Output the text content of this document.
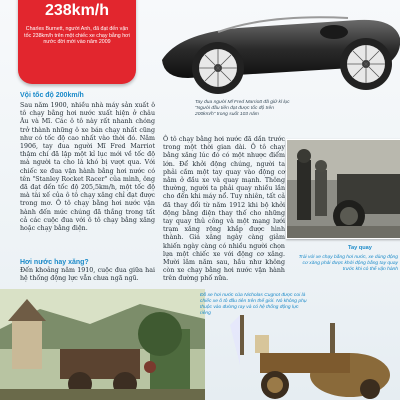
238km/h
Charles Burnett, người Anh, đã đạt đến vận tốc 238km/h trên một chiếc xe chạy bằng hơi nước đời mới vào năm 2009
Tay đua người Mĩ Fred Marriott đã giữ kỉ lục “Người đầu tiên đạt được tốc độ trên 200km/h” trong suốt 103 năm
Vội tốc độ 200km/h
Sau năm 1900, nhiều nhà máy sản xuất ô tô chạy bằng hơi nước xuất hiện ở châu Âu và Mĩ. Các ô tô này rất nhanh chóng trở thành những ô xe bán chạy nhất cũng như có tốc độ cao nhất vào thời đó. Năm 1906, tay đua người Mĩ Fred Marriot thậm chí đã lập một kỉ lục mới về tốc độ mà người ta cho là khó bị vượt qua. Với chiếc xe đua vận hành bằng hơi nước có tên "Stanley Rocket Racer" của mình, ông đã đạt đến tốc độ 205,5km/h, một tốc độ mà tài xế của ô tô chạy xăng chỉ đạt được trong mơ. Ô tô chạy bằng hơi nước vận hành đến mức chúng đã thắng trong tất cả các cuộc đua với ô tô chạy bằng xăng hoặc chạy bằng điện.
Hơi nước hay xăng?
Đến khoảng năm 1910, cuộc đua giữa hai hệ thống động lực vẫn chưa ngã ngũ.
Ô tô chạy bằng hơi nước đã dần trước trong một thời gian dài. Ô tô chạy bằng xăng lúc đó có một nhược điểm lớn. Để khởi động chúng, người ta phải cầm một tay quay vào động cơ nằm ở đầu xe và quay mạnh. Thông thường, người ta phải quay nhiều lần cho đến khi máy nổ. Tuy nhiên, tất cả đã thay đổi từ năm 1912 khi bộ khởi động bằng điện thay thế cho những tay quay thủ công và một mạng lưới trạm xăng rộng khắp được hình thành. Giá xăng ngày càng giảm khiến ngày càng có nhiều người chọn lựa một chiếc xe với động cơ xăng. Mười lăm năm sau, hầu như không còn xe chạy bằng hơi nước vận hành trên đường phố nữa.
Tay quay
Trái với xe chạy bằng hơi nước, xe dùng động cơ xăng phải được khởi động bằng tay quay trước khi có thể vận hành
Đồ xe hơi nước của Nicholas Cugnot được coi là chiếc xe ô tô đầu tiên trên thế giới. Nó không phụ thuộc vào đường ray và có hệ thống động lực riêng
